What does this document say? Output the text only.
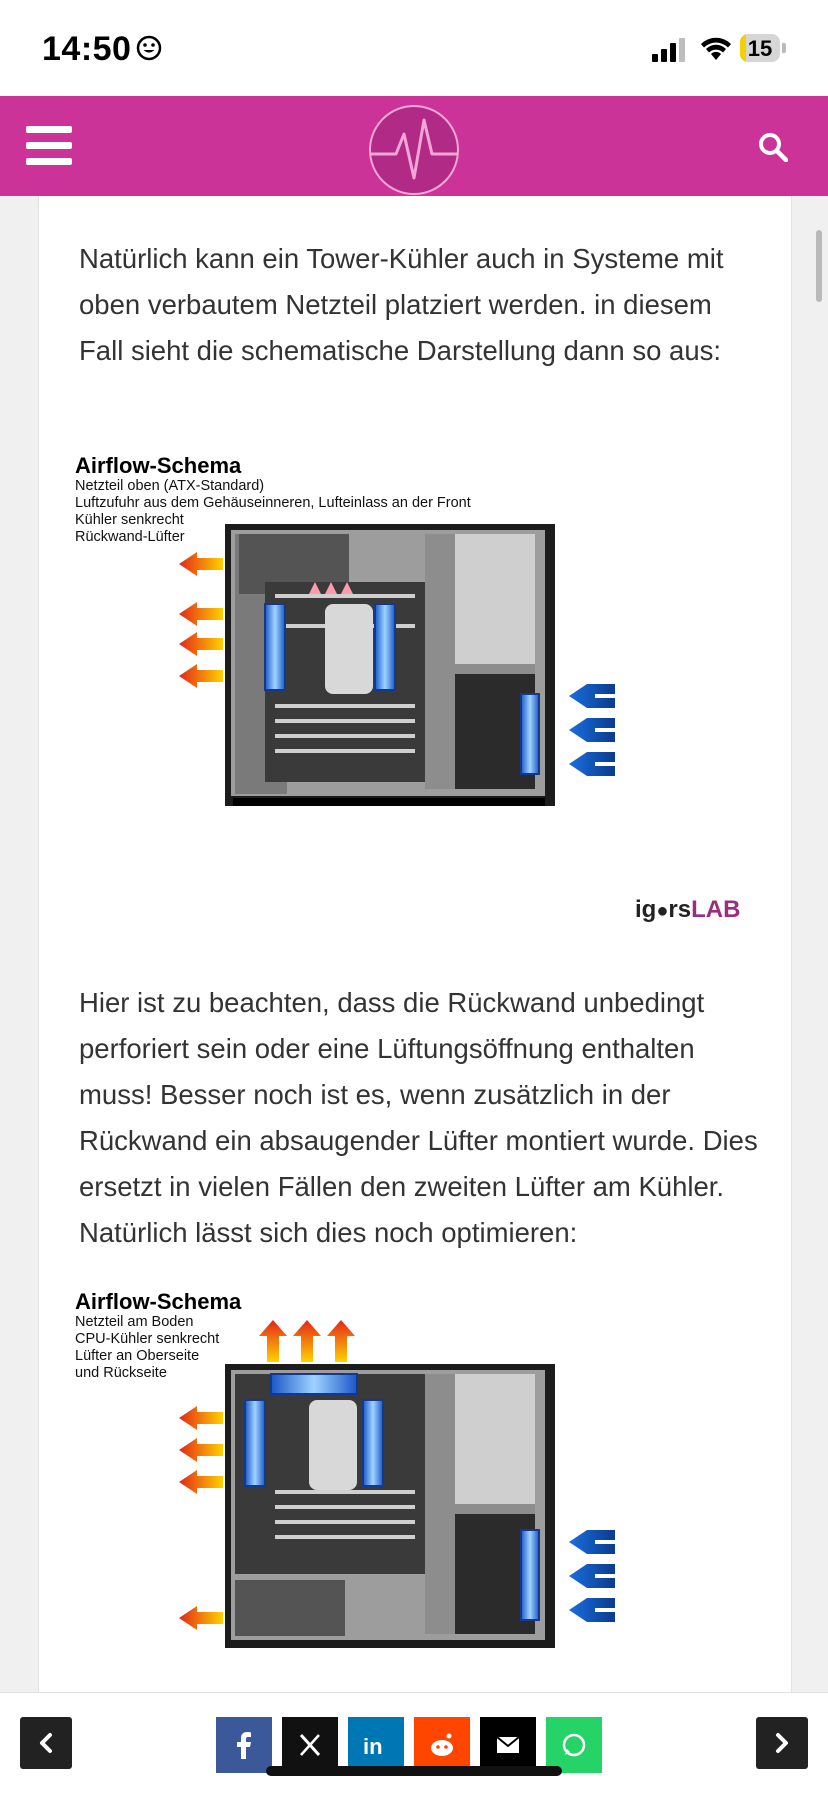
14:50	15
Natürlich kann ein Tower-Kühler auch in Systeme mit oben verbautem Netzteil platziert werden. in diesem Fall sieht die schematische Darstellung dann so aus:
Airflow-Schema
Netzteil oben (ATX-Standard)
Luftzufuhr aus dem Gehäuseinneren, Lufteinlass an der Front
Kühler senkrecht
Rückwand-Lüfter
ig●rsLAB
Hier ist zu beachten, dass die Rückwand unbedingt perforiert sein oder eine Lüftungsöffnung enthalten muss! Besser noch ist es, wenn zusätzlich in der Rückwand ein absaugender Lüfter montiert wurde. Dies ersetzt in vielen Fällen den zweiten Lüfter am Kühler. Natürlich lässt sich dies noch optimieren:
Airflow-Schema
Netzteil am Boden
CPU-Kühler senkrecht
Lüfter an Oberseite
und Rückseite
in
